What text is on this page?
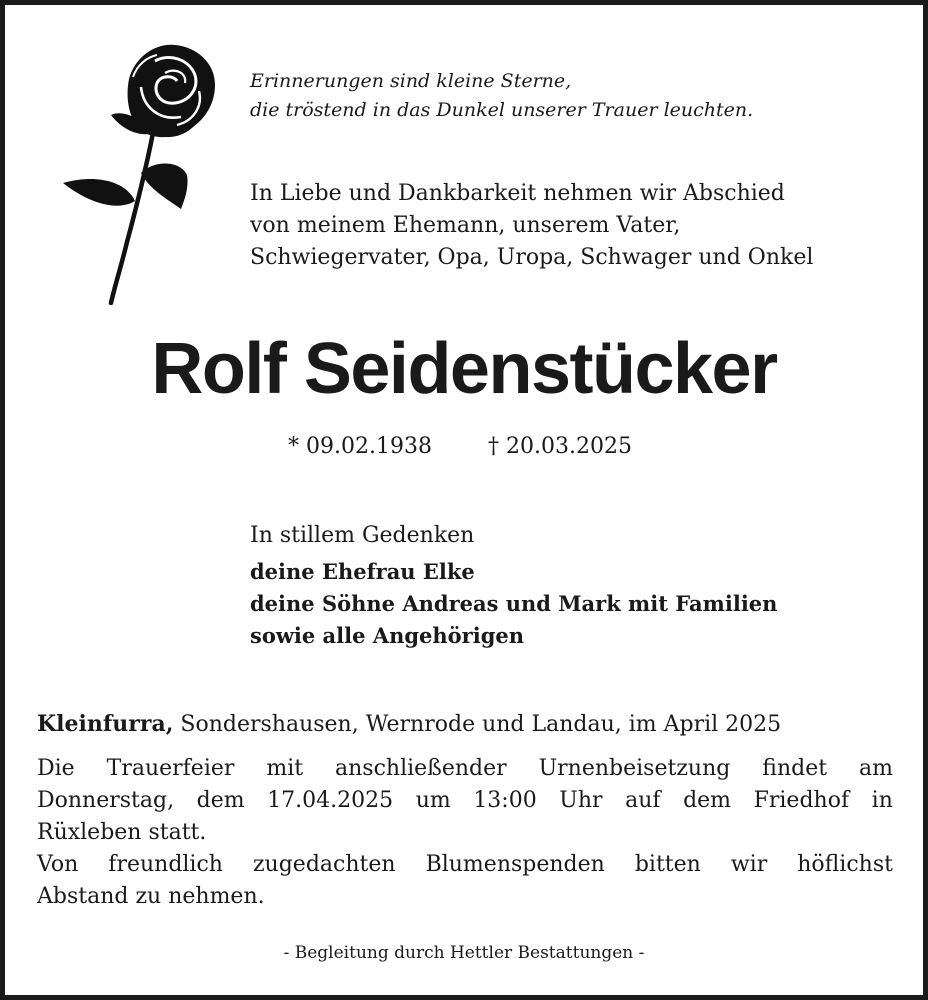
Erinnerungen sind kleine Sterne,
die tröstend in das Dunkel unserer Trauer leuchten.
In Liebe und Dankbarkeit nehmen wir Abschied
von meinem Ehemann, unserem Vater,
Schwiegervater, Opa, Uropa, Schwager und Onkel
Rolf Seidenstücker
* 09.02.1938	† 20.03.2025
In stillem Gedenken
deine Ehefrau Elke
deine Söhne Andreas und Mark mit Familien
sowie alle Angehörigen
Kleinfurra, Sondershausen, Wernrode und Landau, im April 2025
Die Trauerfeier mit anschließender Urnenbeisetzung findet am
Donnerstag, dem 17.04.2025 um 13:00 Uhr auf dem Friedhof in
Rüxleben statt.
Von freundlich zugedachten Blumenspenden bitten wir höflichst
Abstand zu nehmen.
- Begleitung durch Hettler Bestattungen -
